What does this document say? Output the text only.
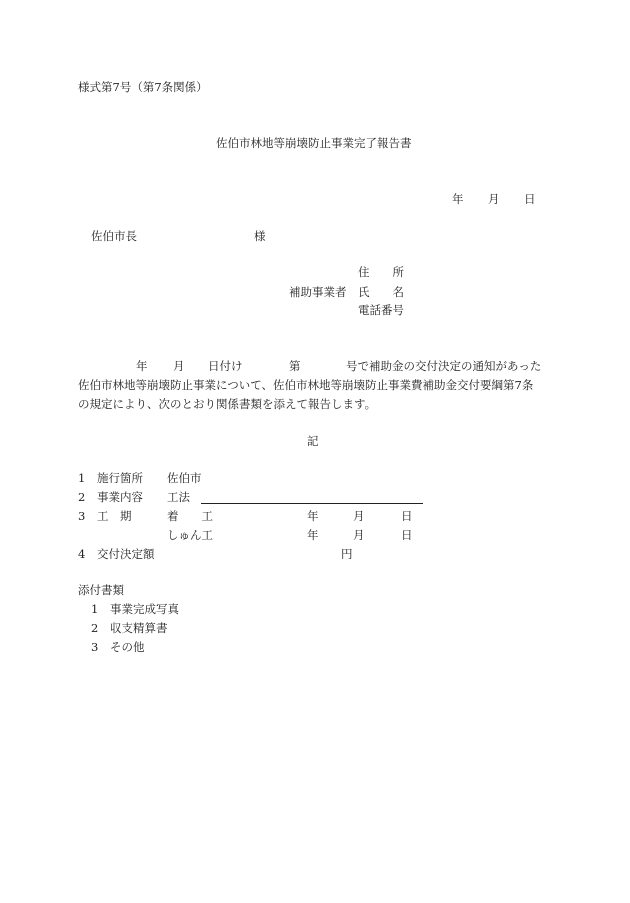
様式第7号（第7条関係）
佐伯市林地等崩壊防止事業完了報告書
年 月 日
佐伯市長	様
住　　所
補助事業者 氏　　名
電話番号
年 月 日付け	第	号で補助金の交付決定の通知があった
佐伯市林地等崩壊防止事業について、佐伯市林地等崩壊防止事業費補助金交付要綱第7条
の規定により、次のとおり関係書類を添えて報告します。
記
1 施行箇所 佐伯市
2 事業内容 工法
3 工　期	着　　工	年	月	日
しゅん工	年	月	日
4 交付決定額	円
添付書類
1 事業完成写真
2 収支精算書
3 その他
